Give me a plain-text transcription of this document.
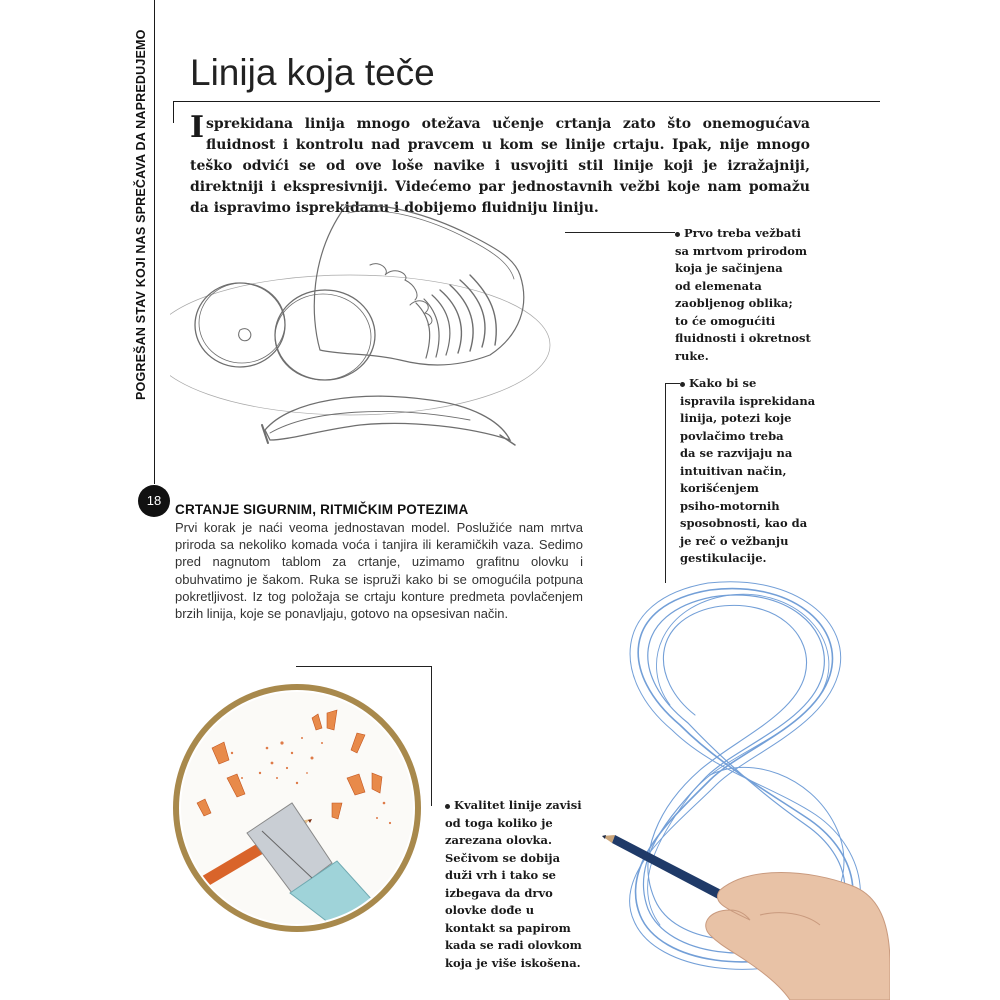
POGREŠAN STAV KOJI NAS SPREČAVA DA NAPREDUJEMO
18
Linija koja teče
Isprekidana linija mnogo otežava učenje crtanja zato što onemogućava fluidnost i kontrolu nad pravcem u kom se linije crtaju. Ipak, nije mnogo teško odvići se od ove loše navike i usvojiti stil linije koji je izražajniji, direktniji i ekspresivniji. Videćemo par jednostavnih vežbi koje nam pomažu da ispravimo isprekidanu i dobijemo fluidniju liniju.
Prvo treba vežbati
sa mrtvom prirodom
koja je sačinjena
od elemenata
zaobljenog oblika;
to će omogućiti
fluidnosti i okretnost
ruke.
Kako bi se
ispravila isprekidana
linija, potezi koje
povlačimo treba
da se razvijaju na
intuitivan način,
korišćenjem
psiho-motornih
sposobnosti, kao da
je reč o vežbanju
gestikulacije.
CRTANJE SIGURNIM, RITMIČKIM POTEZIMA
Prvi korak je naći veoma jednostavan model. Poslužiće nam mrtva priroda sa nekoliko komada voća i tanjira ili keramičkih vaza. Sedimo pred nagnutom tablom za crtanje, uzimamo grafitnu olovku i obuhvatimo je šakom. Ruka se ispruži kako bi se omogućila potpuna pokretljivost. Iz tog položaja se crtaju konture predmeta povlačenjem brzih linija, koje se ponavljaju, gotovo na opsesivan način.
Kvalitet linije zavisi
od toga koliko je
zarezana olovka.
Sečivom se dobija
duži vrh i tako se
izbegava da drvo
olovke dođe u
kontakt sa papirom
kada se radi olovkom
koja je više iskošena.
